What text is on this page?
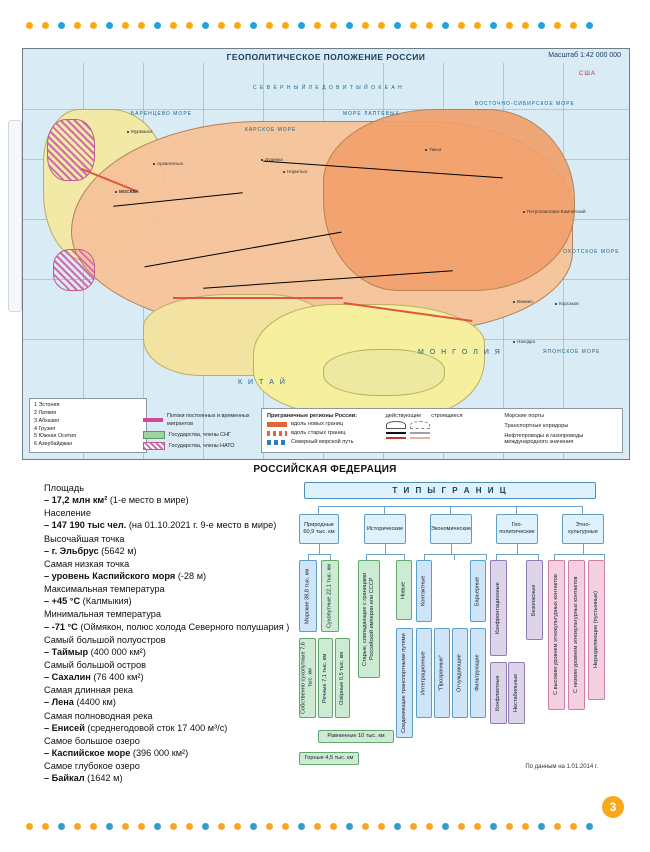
ГЕОПОЛИТИЧЕСКОЕ ПОЛОЖЕНИЕ РОССИИ	Масштаб 1:42 000 000
С Е В Е Р Н Ы Й Л Е Д О В И Т Ы Й О К Е А Н
ВОСТОЧНО-СИБИРСКОЕ МОРЕ
БАРЕНЦЕВО МОРЕ
КАРСКОЕ МОРЕ
МОРЕ ЛАПТЕВЫХ
ОХОТСКОЕ МОРЕ
ЯПОНСКОЕ МОРЕ
США
М О Н Г О Л И Я
К И Т А Й
МОСКВА
Мурманск
Архангельск
Дудинка
Норильск
Тикси
Петропавловск-Камчатский
Ванино
Находка
Корсаков
1 Эстония
2 Латвия
3 Абхазия
4 Грузия
5 Южная Осетия
6 Азербайджан
Потоки постоянных и временных мигрантов
Государства, члены СНГ
Государства, члены НАТО
Приграничные регионы России:
вдоль новых границ
вдоль старых границ
Северный морской путь
действующие строящиеся	Морские порты
Транспортные коридоры
Нефтепроводы и газопроводы международного значения
РОССИЙСКАЯ ФЕДЕРАЦИЯ
Площадь
– 17,2 млн км² (1-е место в мире)
Население
– 147 190 тыс чел. (на 01.10.2021 г. 9-е место в мире)
Высочайшая точка
– г. Эльбрус (5642 м)
Самая низкая точка
– уровень Каспийского моря (-28 м)
Максимальная температура
– +45 °С (Калмыкия)
Минимальная температура
– -71 °С (Оймякон, полюс холода Северного полушария )
Самый большой полуостров
– Таймыр (400 000 км²)
Самый большой остров
– Сахалин (76 400 км²)
Самая длинная река
– Лена (4400 км)
Самая полноводная река
– Енисей (среднегодовой сток 17 400 м³/с)
Самое большое озеро
– Каспийское море (396 000 км²)
Самое глубокое озеро
– Байкал (1642 м)
Т И П Ы Г Р А Н И Ц
Природные
60,9 тыс. км
Исторические	Экономические
Гео-политические
Этно-культурные
Морские 38,8 тыс. км
Сухопутные 22,1 тыс. км
Собственно сухопутные 7,6 тыс. км Речные 7,1 тыс. км Озёрные 0,5 тыс. км
Горные 4,5 тыс. км
Равнинные 10 тыс. км
Старые, совпадающие с границами Российской империи или СССР	Новые	Контактные
Интеграционные "Прозрачные" Отчуждающие Фильтрующие
Барьерные
Соединяющие транспортными путями
Конфронтационные
Конфликтные Нестабильные
Безопасные	С высоким уровнем этнокультурных контактов	С низким уровнем этнокультурных контактов	Неразделяющие (пустынные)
По данным на 1.01.2014 г.
3
